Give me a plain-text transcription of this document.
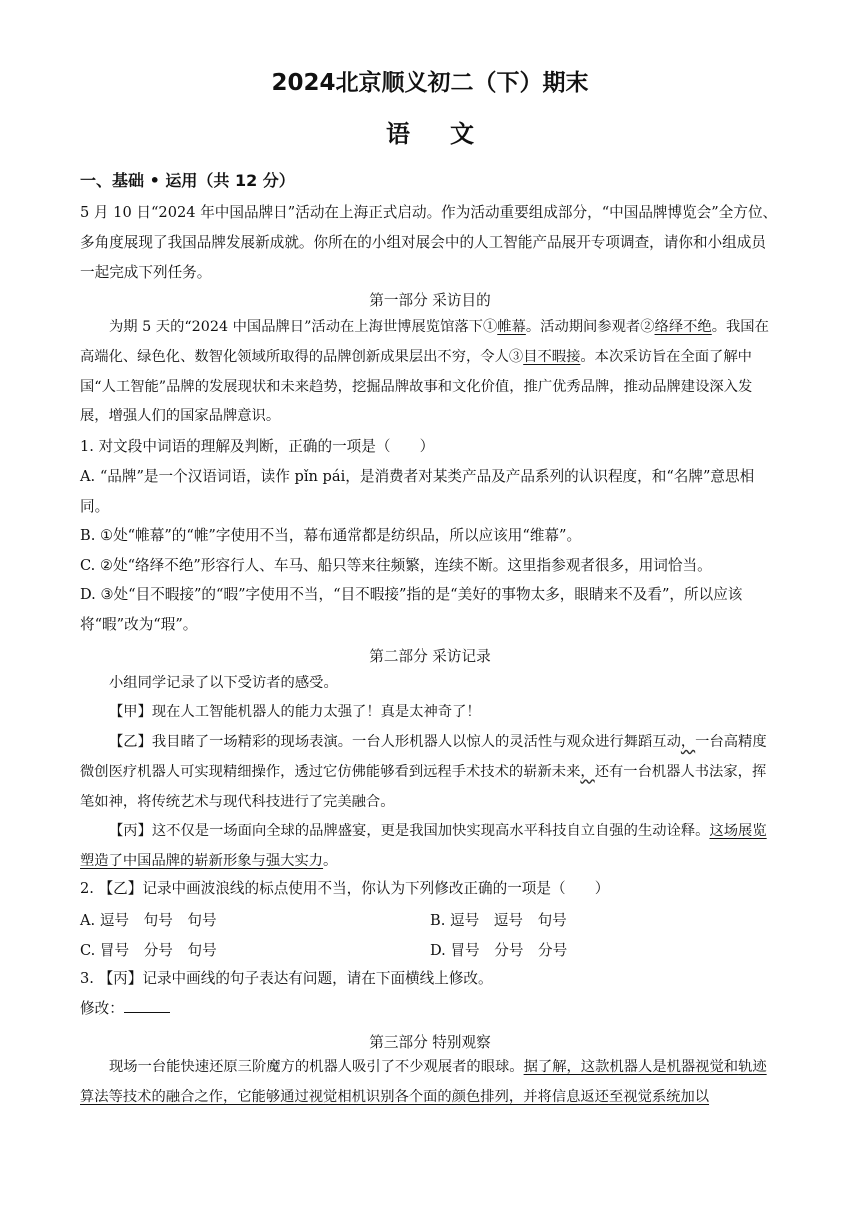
2024北京顺义初二（下）期末
语文
一、基础 • 运用（共 12 分）

5 月 10 日“2024 年中国品牌日”活动在上海正式启动。作为活动重要组成部分，“中国品牌博览会”全方位、多角度展现了我国品牌发展新成就。你所在的小组对展会中的人工智能产品展开专项调查，请你和小组成员一起完成下列任务。

第一部分 采访目的

为期 5 天的“2024 中国品牌日”活动在上海世博展览馆落下①帷幕。活动期间参观者②络绎不绝。我国在高端化、绿色化、数智化领域所取得的品牌创新成果层出不穷，令人③目不暇接。本次采访旨在全面了解中国“人工智能”品牌的发展现状和未来趋势，挖掘品牌故事和文化价值，推广优秀品牌，推动品牌建设深入发展，增强人们的国家品牌意识。

1. 对文段中词语的理解及判断，正确的一项是（　　）

A. “品牌”是一个汉语词语，读作 pǐn pái，是消费者对某类产品及产品系列的认识程度，和“名牌”意思相同。

B. ①处“帷幕”的“帷”字使用不当，幕布通常都是纺织品，所以应该用“维幕”。

C. ②处“络绎不绝”形容行人、车马、船只等来往频繁，连续不断。这里指参观者很多，用词恰当。

D. ③处“目不暇接”的“暇”字使用不当，“目不暇接”指的是“美好的事物太多，眼睛来不及看”，所以应该将“暇”改为“瑕”。

第二部分 采访记录

小组同学记录了以下受访者的感受。

【甲】现在人工智能机器人的能力太强了！真是太神奇了！

【乙】我目睹了一场精彩的现场表演。一台人形机器人以惊人的灵活性与观众进行舞蹈互动，一台高精度微创医疗机器人可实现精细操作，透过它仿佛能够看到远程手术技术的崭新未来，还有一台机器人书法家，挥笔如神，将传统艺术与现代科技进行了完美融合。

【丙】这不仅是一场面向全球的品牌盛宴，更是我国加快实现高水平科技自立自强的生动诠释。这场展览塑造了中国品牌的崭新形象与强大实力。

2. 【乙】记录中画波浪线的标点使用不当，你认为下列修改正确的一项是（　　）

A. 逗号　句号　句号	B. 逗号　逗号　句号
C. 冒号　分号　句号	D. 冒号　分号　分号

3. 【丙】记录中画线的句子表达有问题，请在下面横线上修改。

修改：

第三部分 特别观察

现场一台能快速还原三阶魔方的机器人吸引了不少观展者的眼球。据了解，这款机器人是机器视觉和轨迹算法等技术的融合之作，它能够通过视觉相机识别各个面的颜色排列，并将信息返还至视觉系统加以
